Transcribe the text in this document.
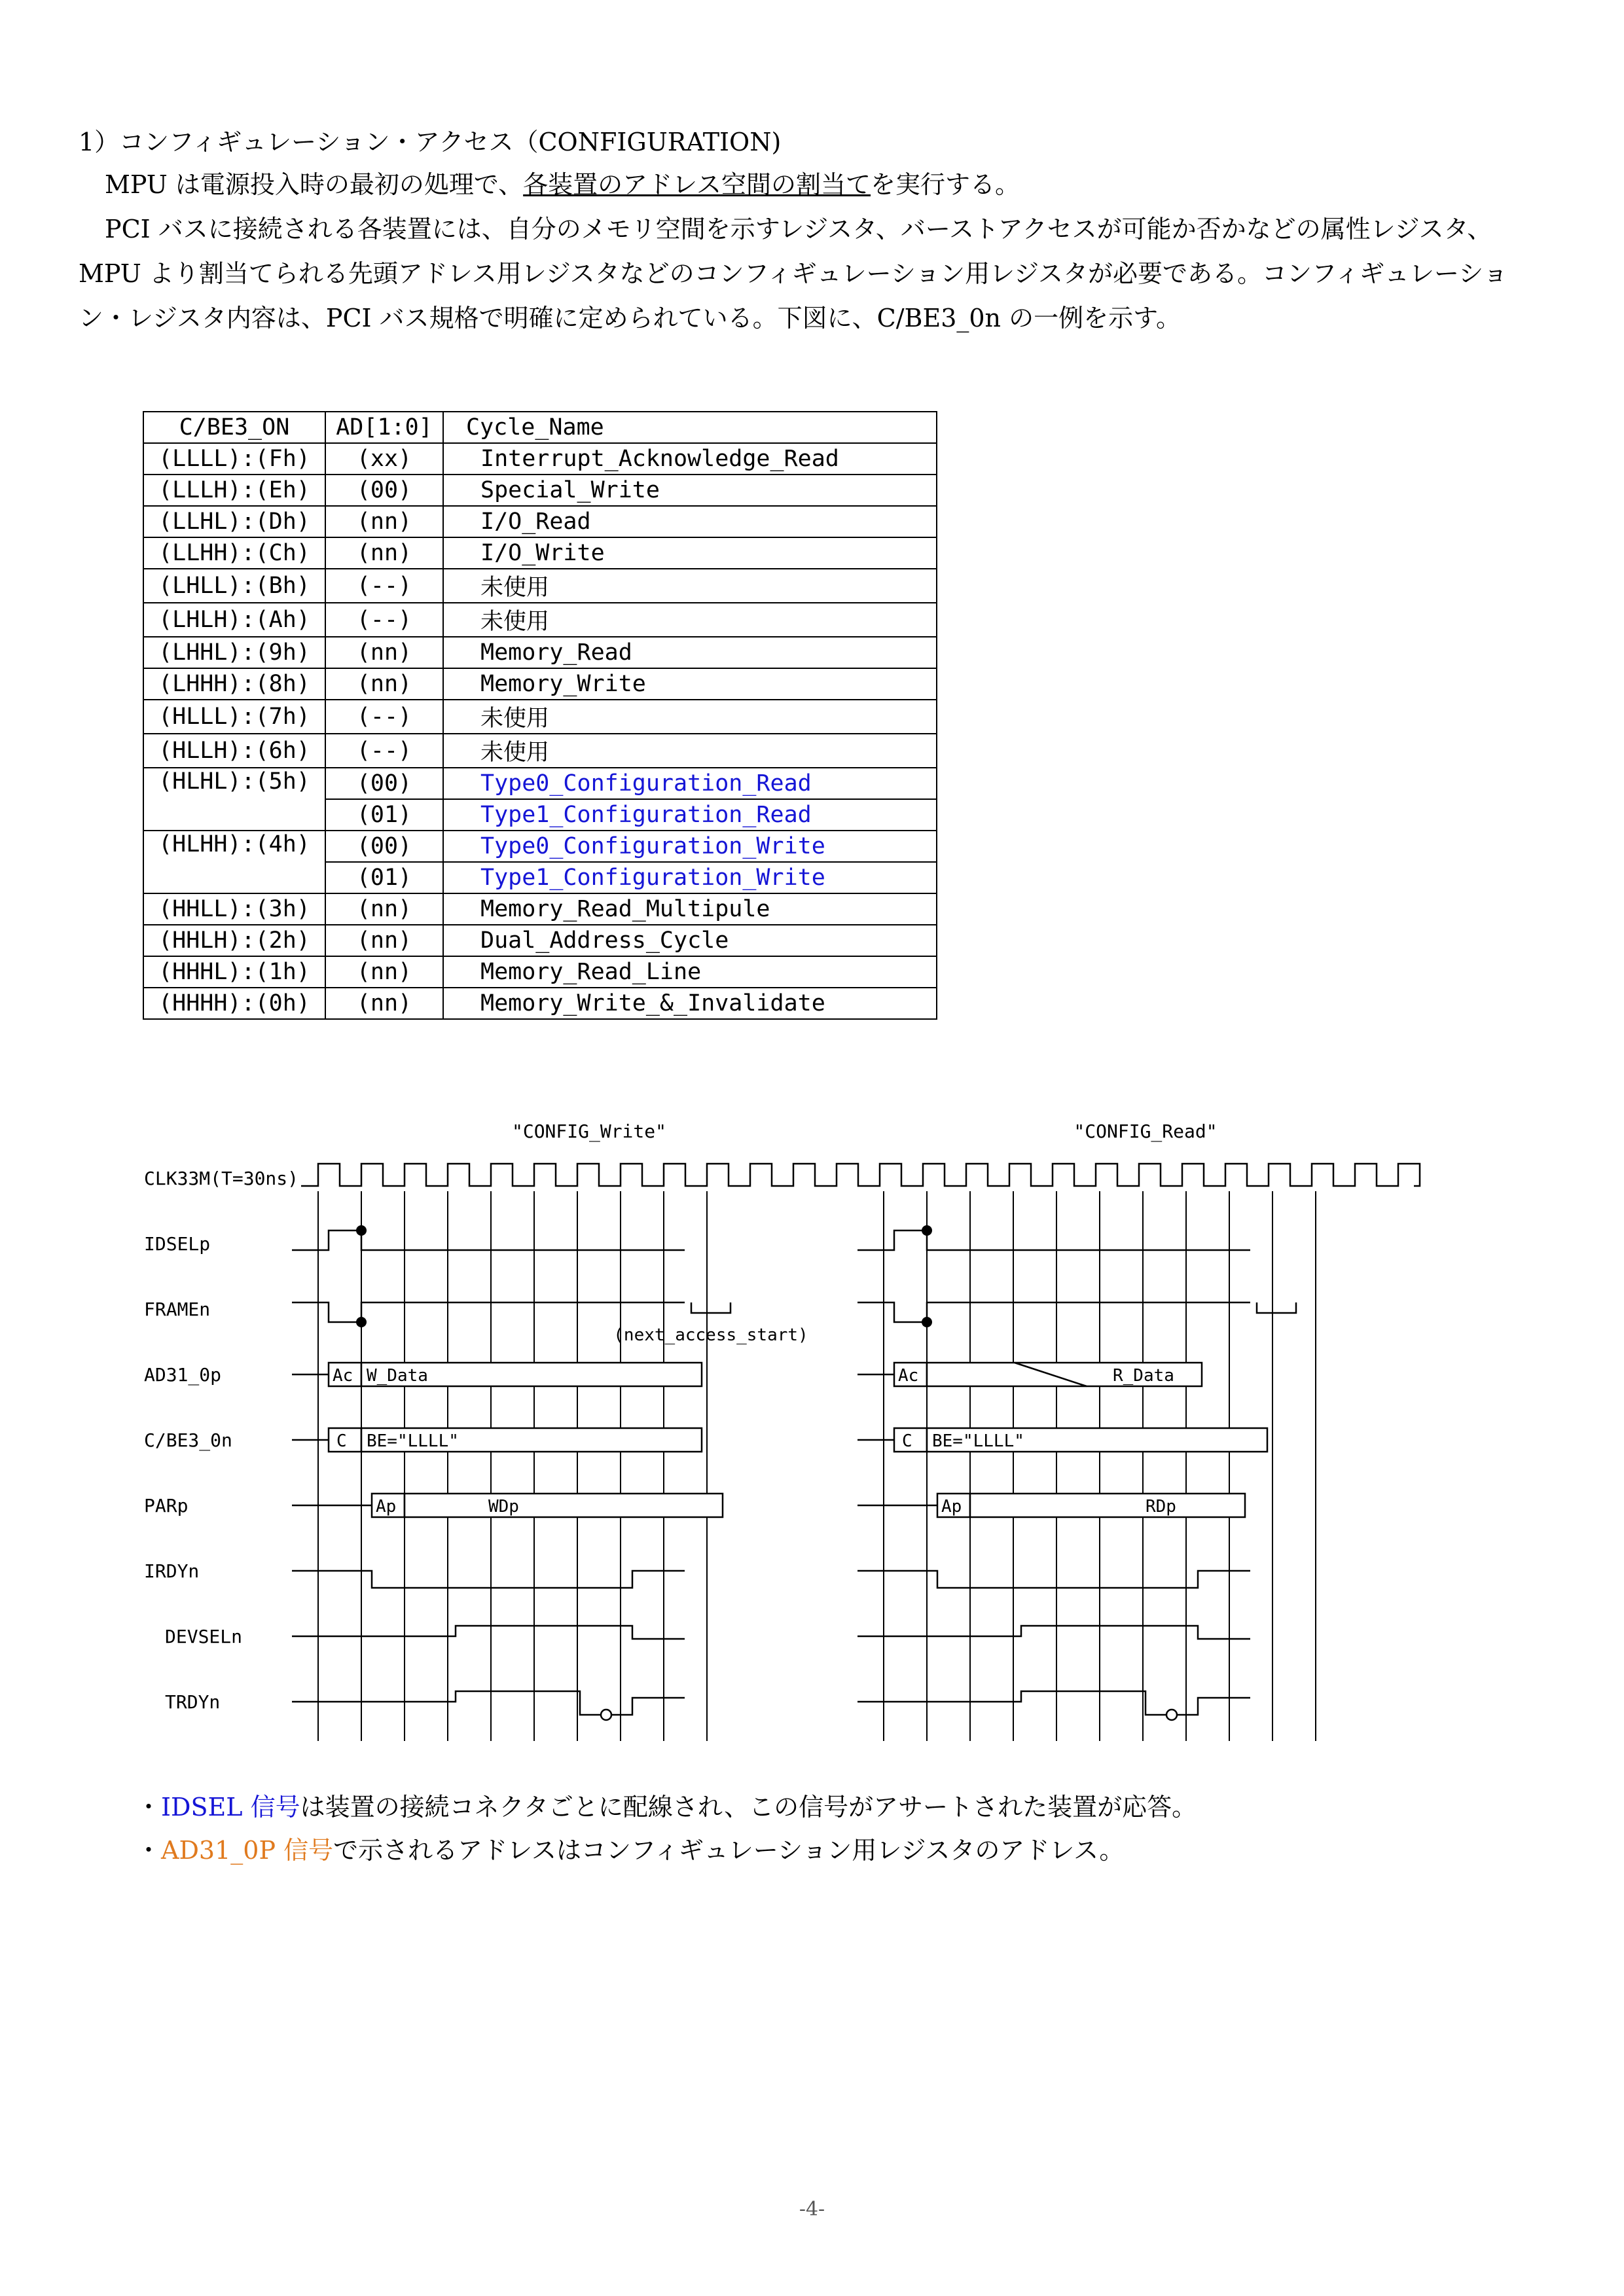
1）コンフィギュレーション・アクセス（CONFIGURATION)

MPU は電源投入時の最初の処理で、各装置のアドレス空間の割当てを実行する。

PCI バスに接続される各装置には、自分のメモリ空間を示すレジスタ、バーストアクセスが可能か否かなどの属性レジスタ、MPU より割当てられる先頭アドレス用レジスタなどのコンフィギュレーション用レジスタが必要である。コンフィギュレーション・レジスタ内容は、PCI バス規格で明確に定められている。下図に、C/BE3_0n の一例を示す。

C/BE3_ON	AD[1:0]	Cycle_Name
(LLLL):(Fh)	(xx)	Interrupt_Acknowledge_Read
(LLLH):(Eh)	(00)	Special_Write
(LLHL):(Dh)	(nn)	I/O_Read
(LLHH):(Ch)	(nn)	I/O_Write
(LHLL):(Bh)	(--)	未使用
(LHLH):(Ah)	(--)	未使用
(LHHL):(9h)	(nn)	Memory_Read
(LHHH):(8h)	(nn)	Memory_Write
(HLLL):(7h)	(--)	未使用
(HLLH):(6h)	(--)	未使用
(HLHL):(5h)	(00)	Type0_Configuration_Read
	(01)	Type1_Configuration_Read
(HLHH):(4h)	(00)	Type0_Configuration_Write
	(01)	Type1_Configuration_Write
(HHLL):(3h)	(nn)	Memory_Read_Multipule
(HHLH):(2h)	(nn)	Dual_Address_Cycle
(HHHL):(1h)	(nn)	Memory_Read_Line
(HHHH):(0h)	(nn)	Memory_Write_&_Invalidate
CLK33M(T=30ns)
IDSELp
FRAMEn
AD31_0p
C/BE3_0n
PARp
IRDYn
DEVSELn
TRDYn
"CONFIG_Write"	"CONFIG_Read"
Ac W_Data
C BE="LLLL"
Ap	WDp
Ac	R_Data
C BE="LLLL"
Ap	RDp
(next_access_start)
・IDSEL 信号は装置の接続コネクタごとに配線され、この信号がアサートされた装置が応答。
・AD31_0P 信号で示されるアドレスはコンフィギュレーション用レジスタのアドレス。
-4-
